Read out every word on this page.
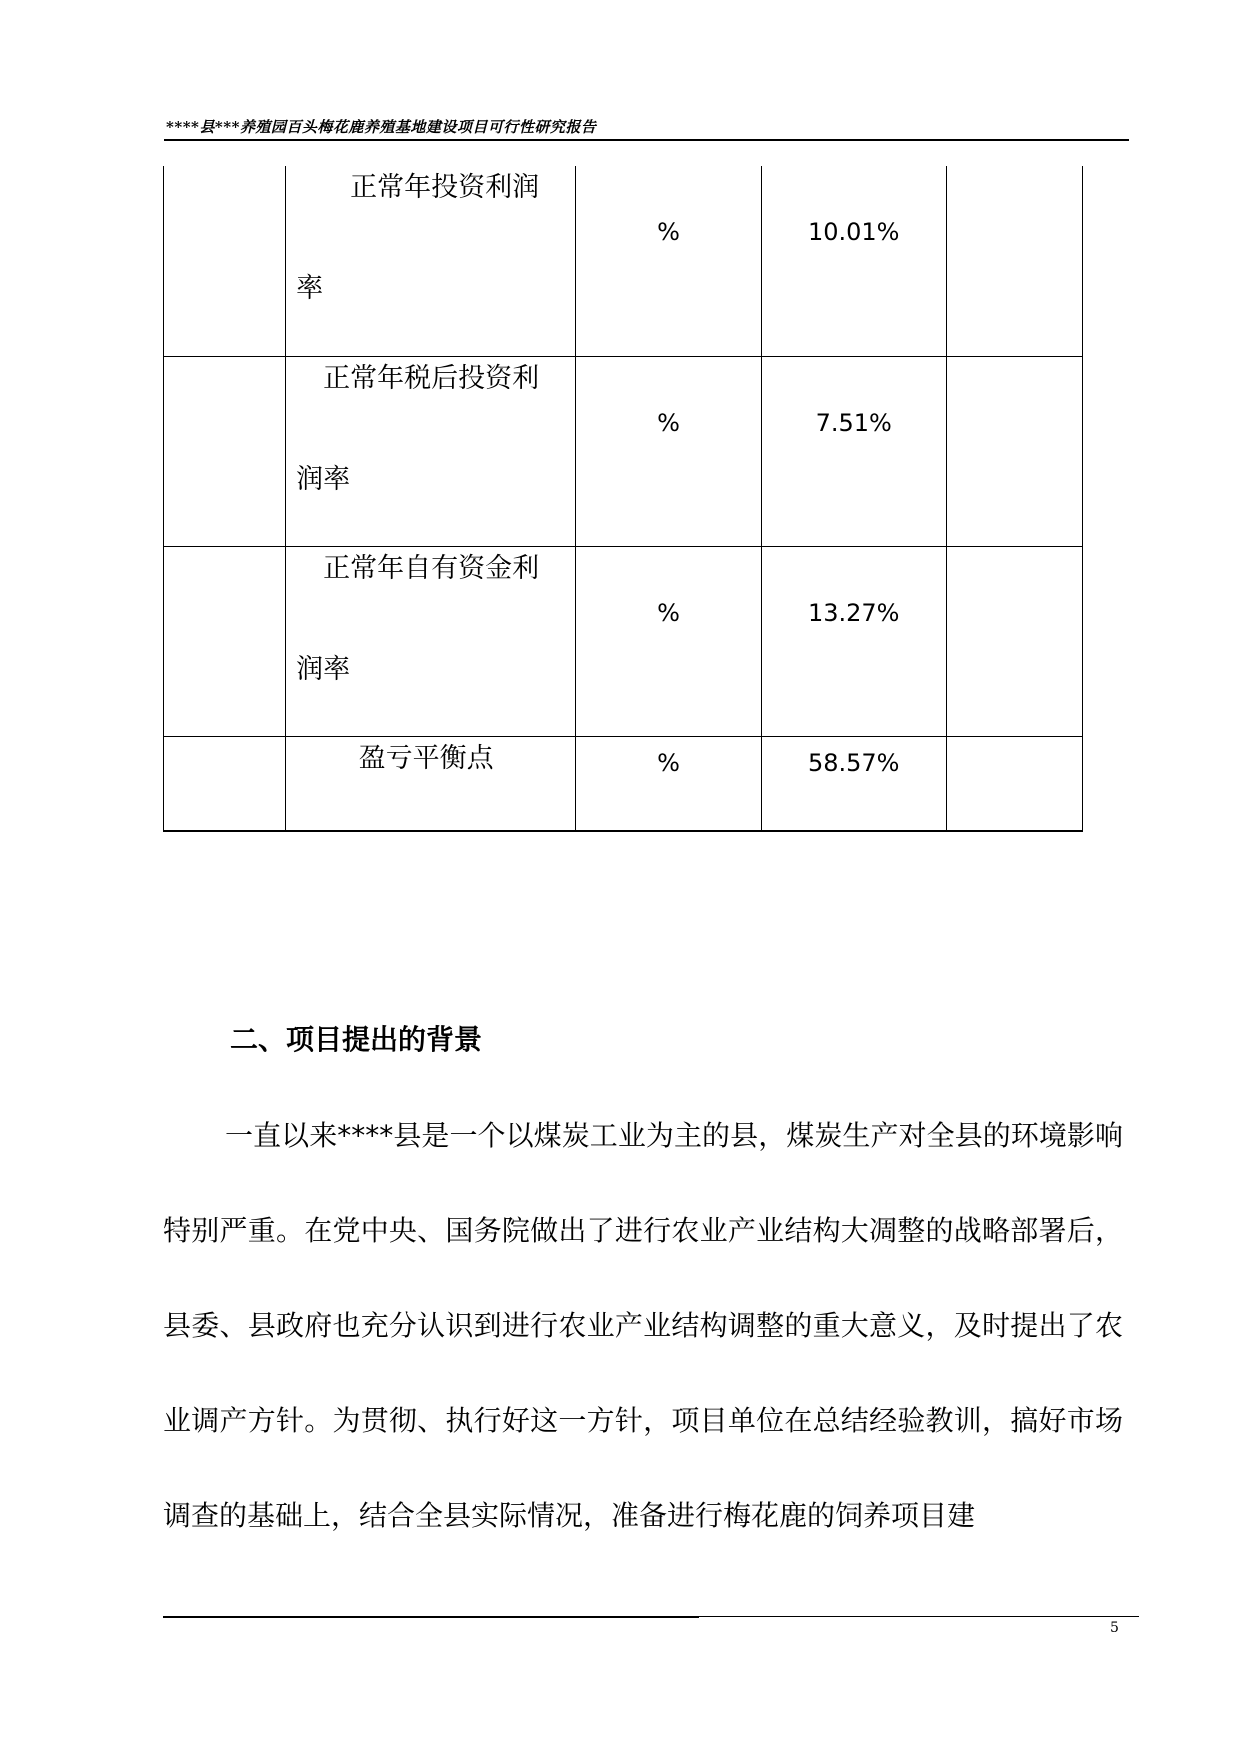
****县***养殖园百头梅花鹿养殖基地建设项目可行性研究报告

	　　正常年投资利润
率	%	10.01%	

	　正常年税后投资利
润率	%	7.51%	

	　正常年自有资金利
润率	%	13.27%	

	盈亏平衡点	%	58.57%	

二、项目提出的背景
一直以来****县是一个以煤炭工业为主的县，煤炭生产对全县的环境影响特别严重。在党中央、国务院做出了进行农业产业结构大凋整的战略部署后，县委、县政府也充分认识到进行农业产业结构调整的重大意义，及时提出了农业调产方针。为贯彻、执行好这一方针，项目单位在总结经验教训，搞好市场调查的基础上，结合全县实际情况，准备进行梅花鹿的饲养项目建
5
